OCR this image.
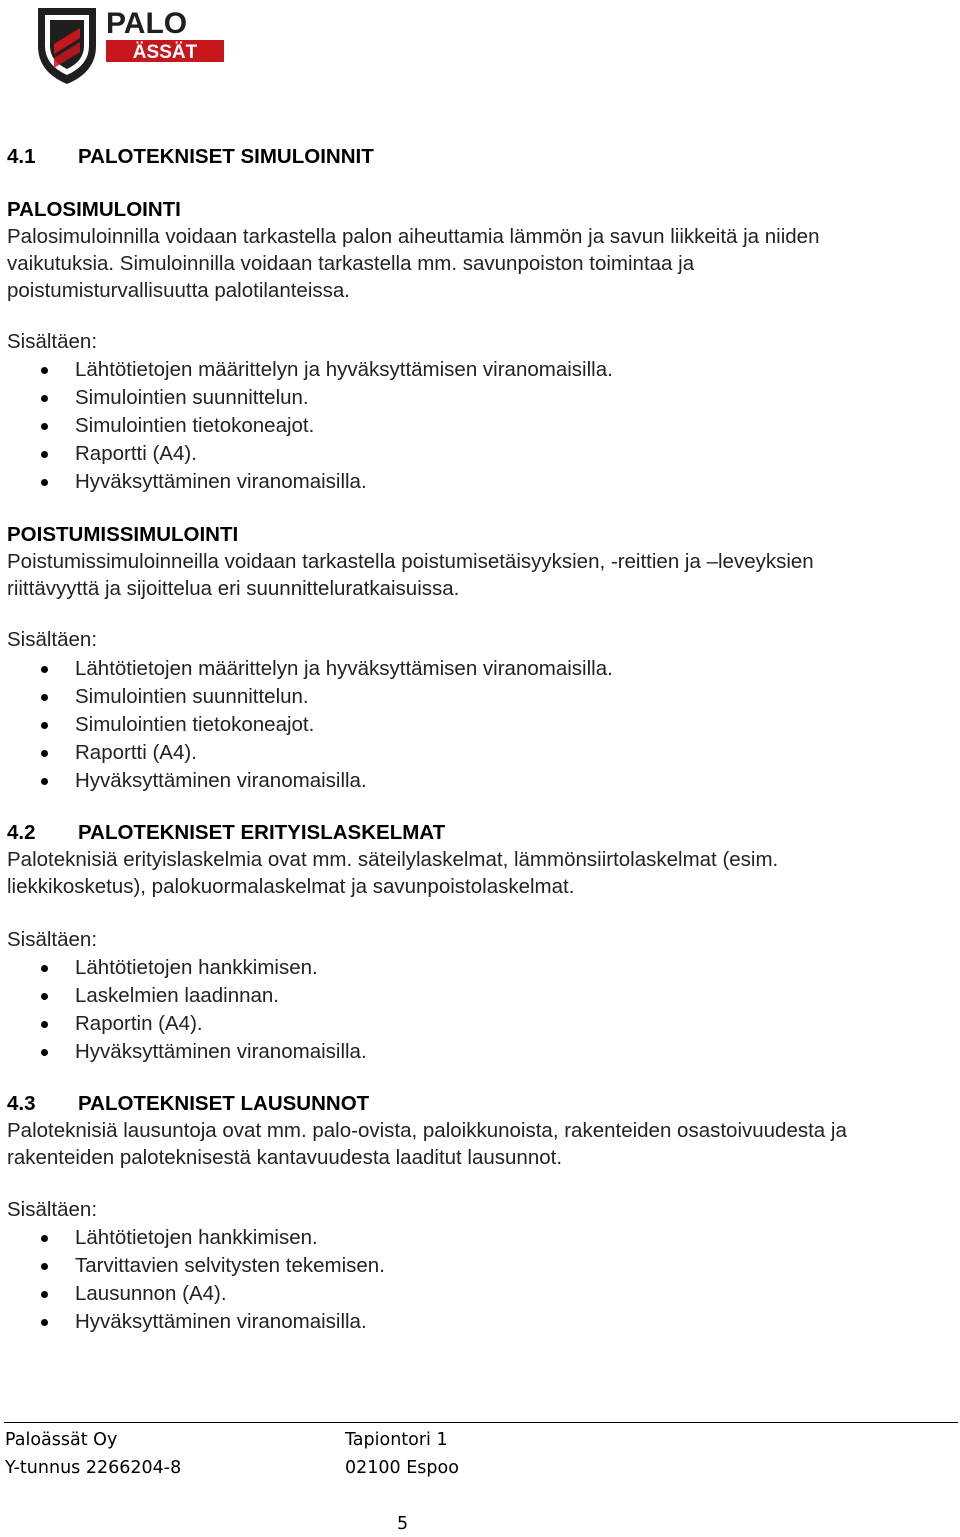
PALO
ÄSSÄT
4.1 PALOTEKNISET SIMULOINNIT
PALOSIMULOINTI
Palosimuloinnilla voidaan tarkastella palon aiheuttamia lämmön ja savun liikkeitä ja niiden
vaikutuksia. Simuloinnilla voidaan tarkastella mm. savunpoiston toimintaa ja
poistumisturvallisuutta palotilanteissa.
Sisältäen:
Lähtötietojen määrittelyn ja hyväksyttämisen viranomaisilla.
Simulointien suunnittelun.
Simulointien tietokoneajot.
Raportti (A4).
Hyväksyttäminen viranomaisilla.
POISTUMISSIMULOINTI
Poistumissimuloinneilla voidaan tarkastella poistumisetäisyyksien, -reittien ja –leveyksien
riittävyyttä ja sijoittelua eri suunnitteluratkaisuissa.
Sisältäen:
Lähtötietojen määrittelyn ja hyväksyttämisen viranomaisilla.
Simulointien suunnittelun.
Simulointien tietokoneajot.
Raportti (A4).
Hyväksyttäminen viranomaisilla.
4.2 PALOTEKNISET ERITYISLASKELMAT
Paloteknisiä erityislaskelmia ovat mm. säteilylaskelmat, lämmönsiirtolaskelmat (esim.
liekkikosketus), palokuormalaskelmat ja savunpoistolaskelmat.
Sisältäen:
Lähtötietojen hankkimisen.
Laskelmien laadinnan.
Raportin (A4).
Hyväksyttäminen viranomaisilla.
4.3 PALOTEKNISET LAUSUNNOT
Paloteknisiä lausuntoja ovat mm. palo-ovista, paloikkunoista, rakenteiden osastoivuudesta ja
rakenteiden paloteknisestä kantavuudesta laaditut lausunnot.
Sisältäen:
Lähtötietojen hankkimisen.
Tarvittavien selvitysten tekemisen.
Lausunnon (A4).
Hyväksyttäminen viranomaisilla.
Paloässät Oy
Y-tunnus 2266204-8
Tapiontori 1
02100 Espoo
5
